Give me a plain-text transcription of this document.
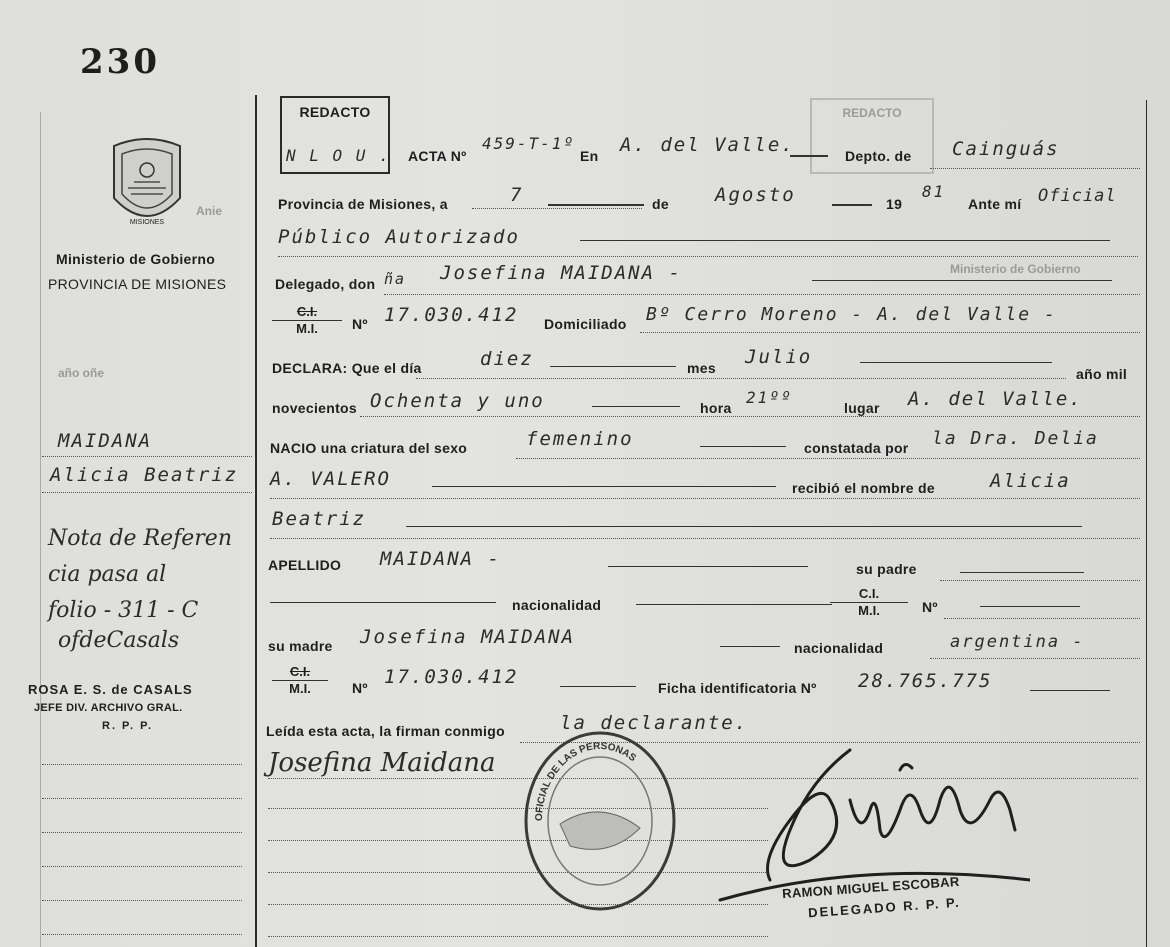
230
MISIONES
Ministerio de Gobierno
PROVINCIA DE MISIONES
Anie
Ministerio de Gobierno
año oñe
REDACTO
N L O U .
REDACTO
ACTA Nº
459-T-1º
En A. del Valle.	Depto. de Cainguás
Provincia de Misiones, a	7	de Agosto	19
81
Ante mí Oficial
Público Autorizado
Delegado, don ña Josefina MAIDANA -
$\frac{C.I.}{M.I.}$ Nº 17.030.412 Domiciliado Bº Cerro Moreno - A. del Valle -
DECLARA: Que el día	diez	mes Julio
año mil
novecientos Ochenta y uno	hora
21ºº
lugar A. del Valle.
NACIO una criatura del sexo	femenino	constatada por la Dra. Delia
A. VALERO	recibió el nombre de	Alicia
Beatriz
APELLIDO MAIDANA -	su padre
nacionalidad	$\frac{C.I.}{M.I.}$ Nº
su madre Josefina MAIDANA	nacionalidad	argentina -
$\frac{C.I.}{M.I.}$ Nº 17.030.412	Ficha identificatoria Nº 28.765.775
Leída esta acta, la firman conmigo	la declarante.
Josefina Maidana
OFICIAL DE LAS PERSONAS
RAMON MIGUEL ESCOBAR
DELEGADO R. P. P.
MAIDANA
Alicia Beatriz
Nota de Referen
cia pasa al
folio - 311 - C
ofdeCasals
ROSA E. S. de CASALS
JEFE DIV. ARCHIVO GRAL.
R. P. P.
